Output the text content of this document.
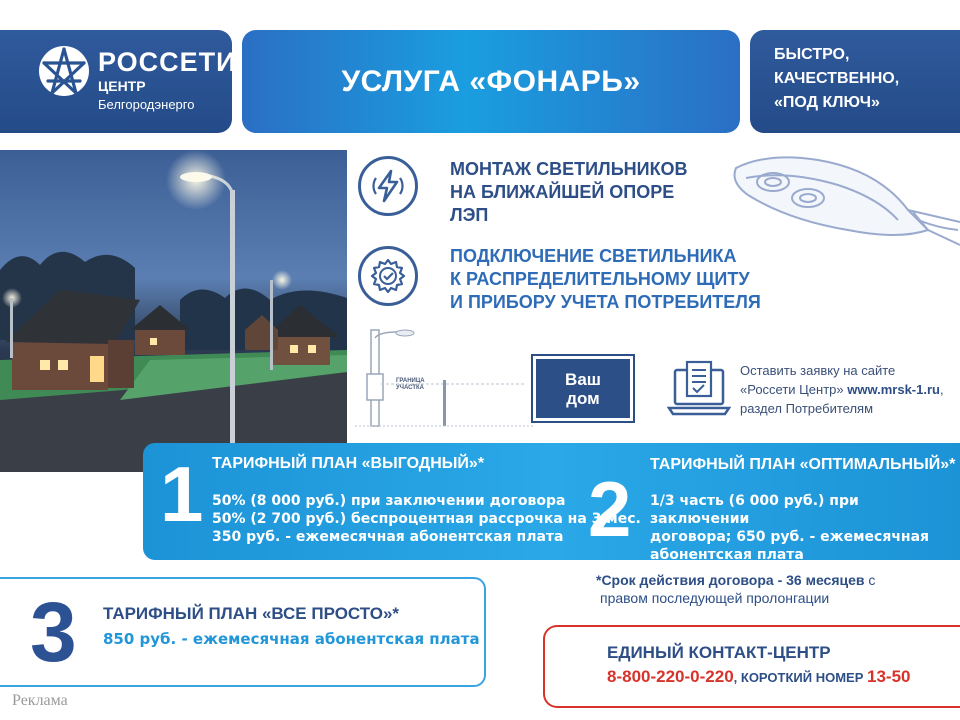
РОССЕТИ
ЦЕНТР
Белгородэнерго
УСЛУГА «ФОНАРЬ»
БЫСТРО,
КАЧЕСТВЕННО,
«ПОД КЛЮЧ»
МОНТАЖ СВЕТИЛЬНИКОВ
НА БЛИЖАЙШЕЙ ОПОРЕ
ЛЭП
ПОДКЛЮЧЕНИЕ СВЕТИЛЬНИКА
К РАСПРЕДЕЛИТЕЛЬНОМУ ЩИТУ
И ПРИБОРУ УЧЕТА ПОТРЕБИТЕЛЯ
ГРАНИЦА
УЧАСТКА	Ваш
дом
Оставить заявку на сайте
«Россети Центр» www.mrsk-1.ru,
раздел Потребителям
1 ТАРИФНЫЙ ПЛАН «ВЫГОДНЫЙ»*
50% (8 000 руб.) при заключении договора
50% (2 700 руб.) беспроцентная рассрочка на 3 мес.
350 руб. - ежемесячная абонентская плата 2
ТАРИФНЫЙ ПЛАН «ОПТИМАЛЬНЫЙ»*
1/3 часть (6 000 руб.) при заключении
договора; 650 руб. - ежемесячная
абонентская плата
3 ТАРИФНЫЙ ПЛАН «ВСЕ ПРОСТО»*
850 руб. - ежемесячная абонентская плата
*Срок действия договора - 36 месяцев с
правом последующей пролонгации
ЕДИНЫЙ КОНТАКТ-ЦЕНТР
8-800-220-0-220, КОРОТКИЙ НОМЕР 13-50
Реклама
